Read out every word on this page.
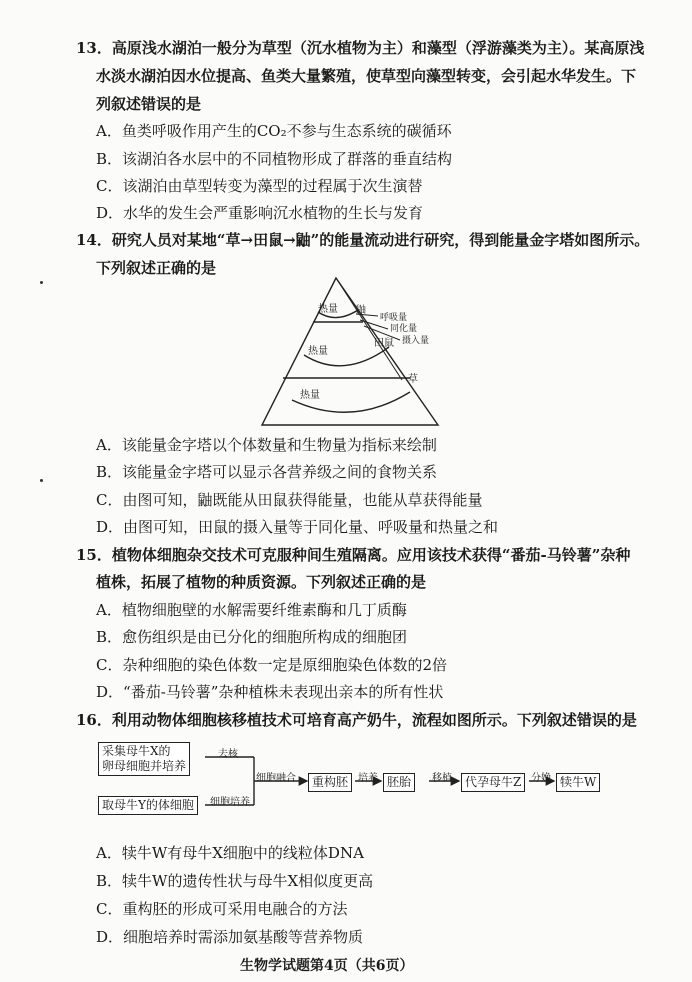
13．高原浅水湖泊一般分为草型（沉水植物为主）和藻型（浮游藻类为主）。某高原浅
水淡水湖泊因水位提高、鱼类大量繁殖，使草型向藻型转变，会引起水华发生。下
列叙述错误的是
A．鱼类呼吸作用产生的CO₂不参与生态系统的碳循环
B．该湖泊各水层中的不同植物形成了群落的垂直结构
C．该湖泊由草型转变为藻型的过程属于次生演替
D．水华的发生会严重影响沉水植物的生长与发育
14．研究人员对某地“草→田鼠→鼬”的能量流动进行研究，得到能量金字塔如图所示。
下列叙述正确的是
热量
热量
热量
鼬
田鼠
草
呼吸量
同化量
摄入量
A．该能量金字塔以个体数量和生物量为指标来绘制
B．该能量金字塔可以显示各营养级之间的食物关系
C．由图可知，鼬既能从田鼠获得能量，也能从草获得能量
D．由图可知，田鼠的摄入量等于同化量、呼吸量和热量之和
15．植物体细胞杂交技术可克服种间生殖隔离。应用该技术获得“番茄-马铃薯”杂种
植株，拓展了植物的种质资源。下列叙述正确的是
A．植物细胞壁的水解需要纤维素酶和几丁质酶
B．愈伤组织是由已分化的细胞所构成的细胞团
C．杂种细胞的染色体数一定是原细胞染色体数的2倍
D．“番茄-马铃薯”杂种植株未表现出亲本的所有性状
16．利用动物体细胞核移植技术可培育高产奶牛，流程如图所示。下列叙述错误的是
采集母牛X的
卵母细胞并培养
去核
取母牛Y的体细胞	细胞培养
细胞融合	重构胚 培养 胚胎	移植	代孕母牛Z 分娩 犊牛W
A．犊牛W有母牛X细胞中的线粒体DNA
B．犊牛W的遗传性状与母牛X相似度更高
C．重构胚的形成可采用电融合的方法
D．细胞培养时需添加氨基酸等营养物质
生物学试题第4页（共6页）
